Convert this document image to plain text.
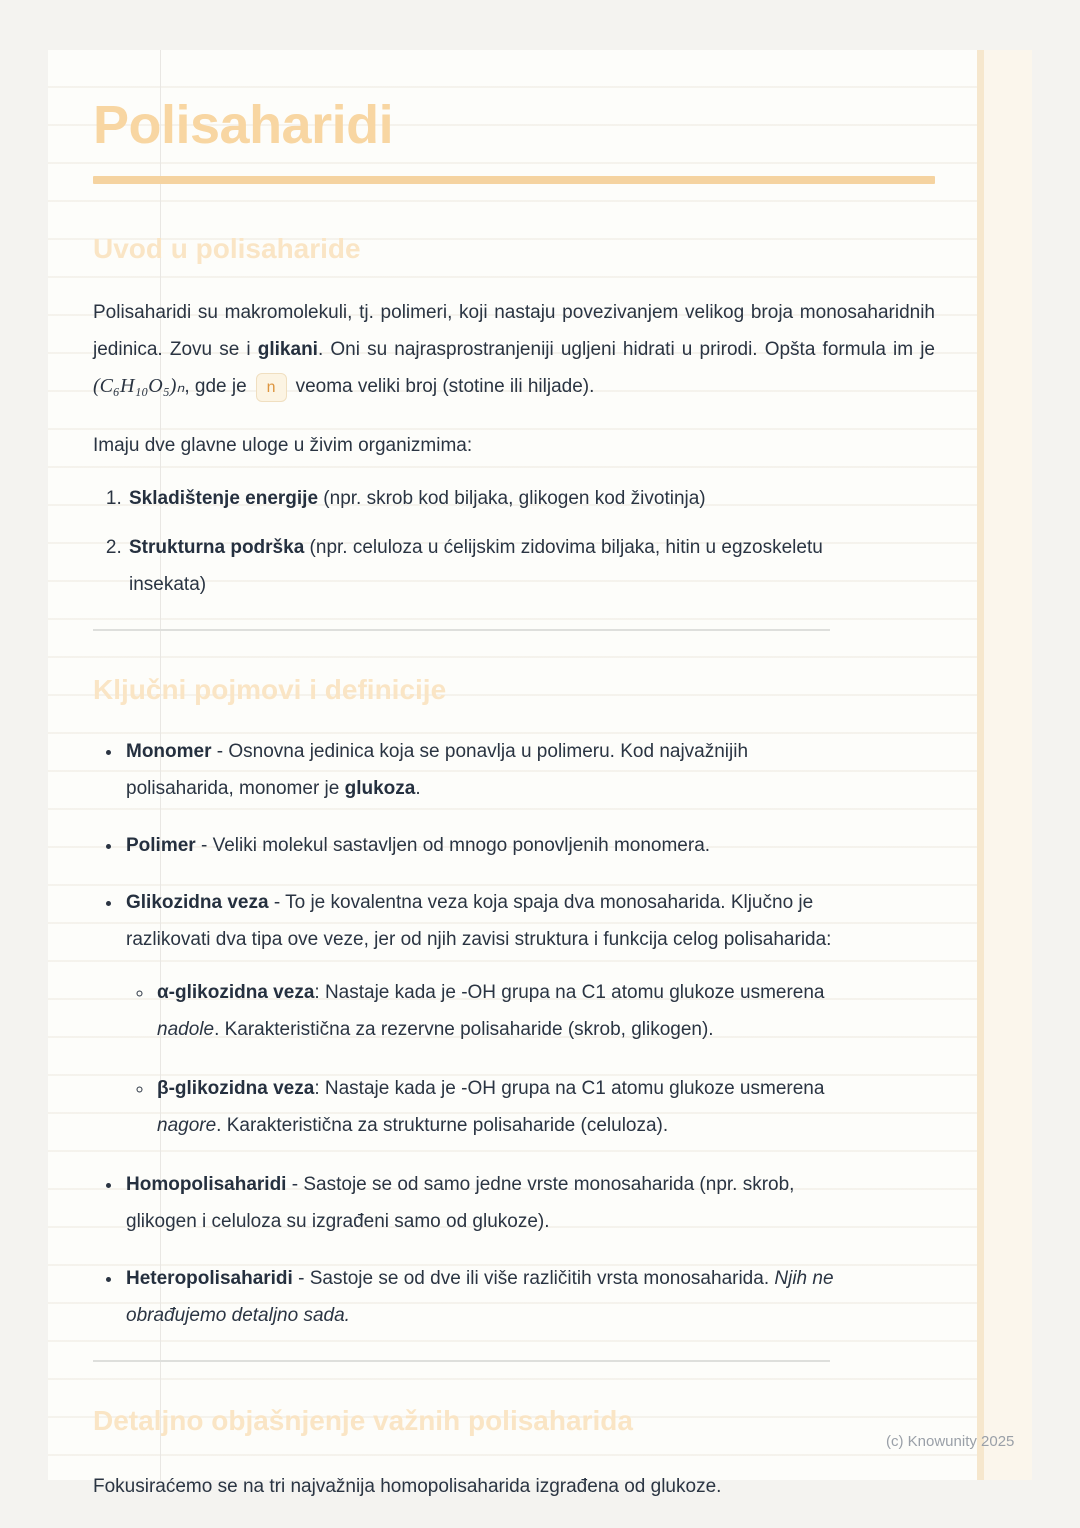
Polisaharidi
Uvod u polisaharide

Polisaharidi su makromolekuli, tj. polimeri, koji nastaju povezivanjem velikog broja monosaharidnih jedinica. Zovu se i glikani. Oni su najrasprostranjeniji ugljeni hidrati u prirodi. Opšta formula im je (C₆H₁₀O₅)ₙ, gde je n veoma veliki broj (stotine ili hiljade).

Imaju dve glavne uloge u živim organizmima:

1. Skladištenje energije (npr. skrob kod biljaka, glikogen kod životinja)
2. Strukturna podrška (npr. celuloza u ćelijskim zidovima biljaka, hitin u egzoskeletu insekata)
Ključni pojmovi i definicije
• Monomer - Osnovna jedinica koja se ponavlja u polimeru. Kod najvažnijih polisaharida, monomer je glukoza.
• Polimer - Veliki molekul sastavljen od mnogo ponovljenih monomera.
• Glikozidna veza - To je kovalentna veza koja spaja dva monosaharida. Ključno je razlikovati dva tipa ove veze, jer od njih zavisi struktura i funkcija celog polisaharida:
◦ α-glikozidna veza: Nastaje kada je -OH grupa na C1 atomu glukoze usmerena nadole. Karakteristična za rezervne polisaharide (skrob, glikogen).
◦ β-glikozidna veza: Nastaje kada je -OH grupa na C1 atomu glukoze usmerena nagore. Karakteristična za strukturne polisaharide (celuloza).
• Homopolisaharidi - Sastoje se od samo jedne vrste monosaharida (npr. skrob, glikogen i celuloza su izgrađeni samo od glukoze).
• Heteropolisaharidi - Sastoje se od dve ili više različitih vrsta monosaharida. Njih ne obrađujemo detaljno sada.
Detaljno objašnjenje važnih polisaharida

Fokusiraćemo se na tri najvažnija homopolisaharida izgrađena od glukoze.

(c) Knowunity 2025
